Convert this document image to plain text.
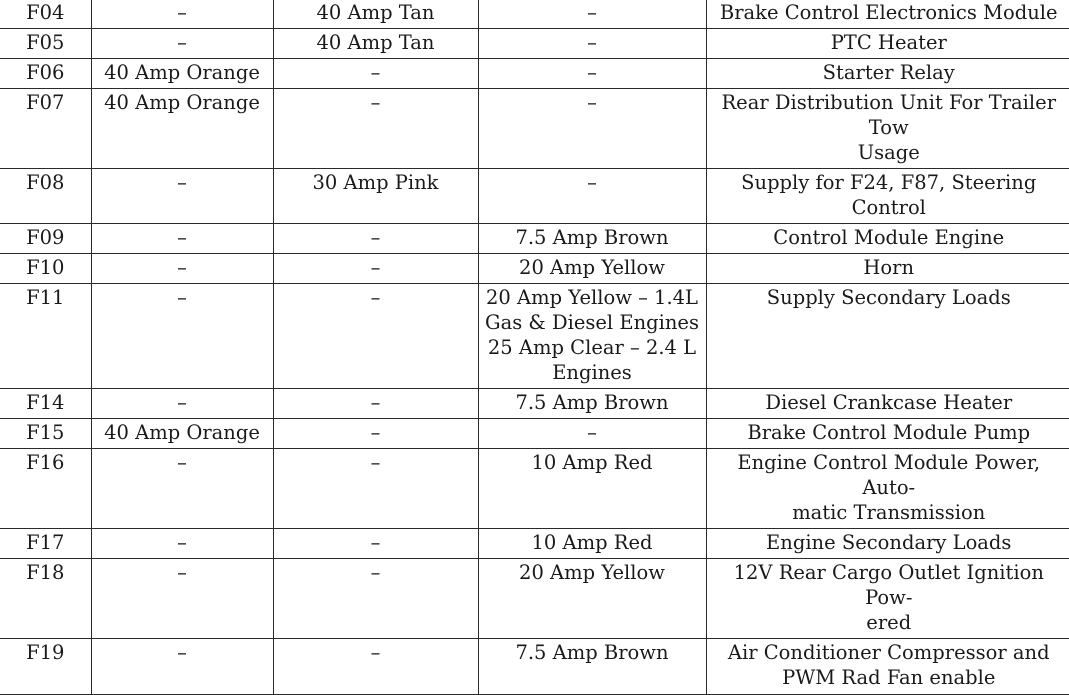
F04	–	40 Amp Tan	–	Brake Control Electronics Module
F05	–	40 Amp Tan	–	PTC Heater
F06	40 Amp Orange	–	–	Starter Relay
F07	40 Amp Orange	–	–	Rear Distribution Unit For Trailer Tow
Usage
F08	–	30 Amp Pink	–	Supply for F24, F87, Steering Control
F09	–	–	7.5 Amp Brown	Control Module Engine
F10	–	–	20 Amp Yellow	Horn
F11	–	–	20 Amp Yellow – 1.4L
Gas & Diesel Engines
25 Amp Clear – 2.4 L
Engines	Supply Secondary Loads
F14	–	–	7.5 Amp Brown	Diesel Crankcase Heater
F15	40 Amp Orange	–	–	Brake Control Module Pump
F16	–	–	10 Amp Red	Engine Control Module Power, Auto-
matic Transmission
F17	–	–	10 Amp Red	Engine Secondary Loads
F18	–	–	20 Amp Yellow	12V Rear Cargo Outlet Ignition Pow-
ered
F19	–	–	7.5 Amp Brown	Air Conditioner Compressor and
PWM Rad Fan enable
